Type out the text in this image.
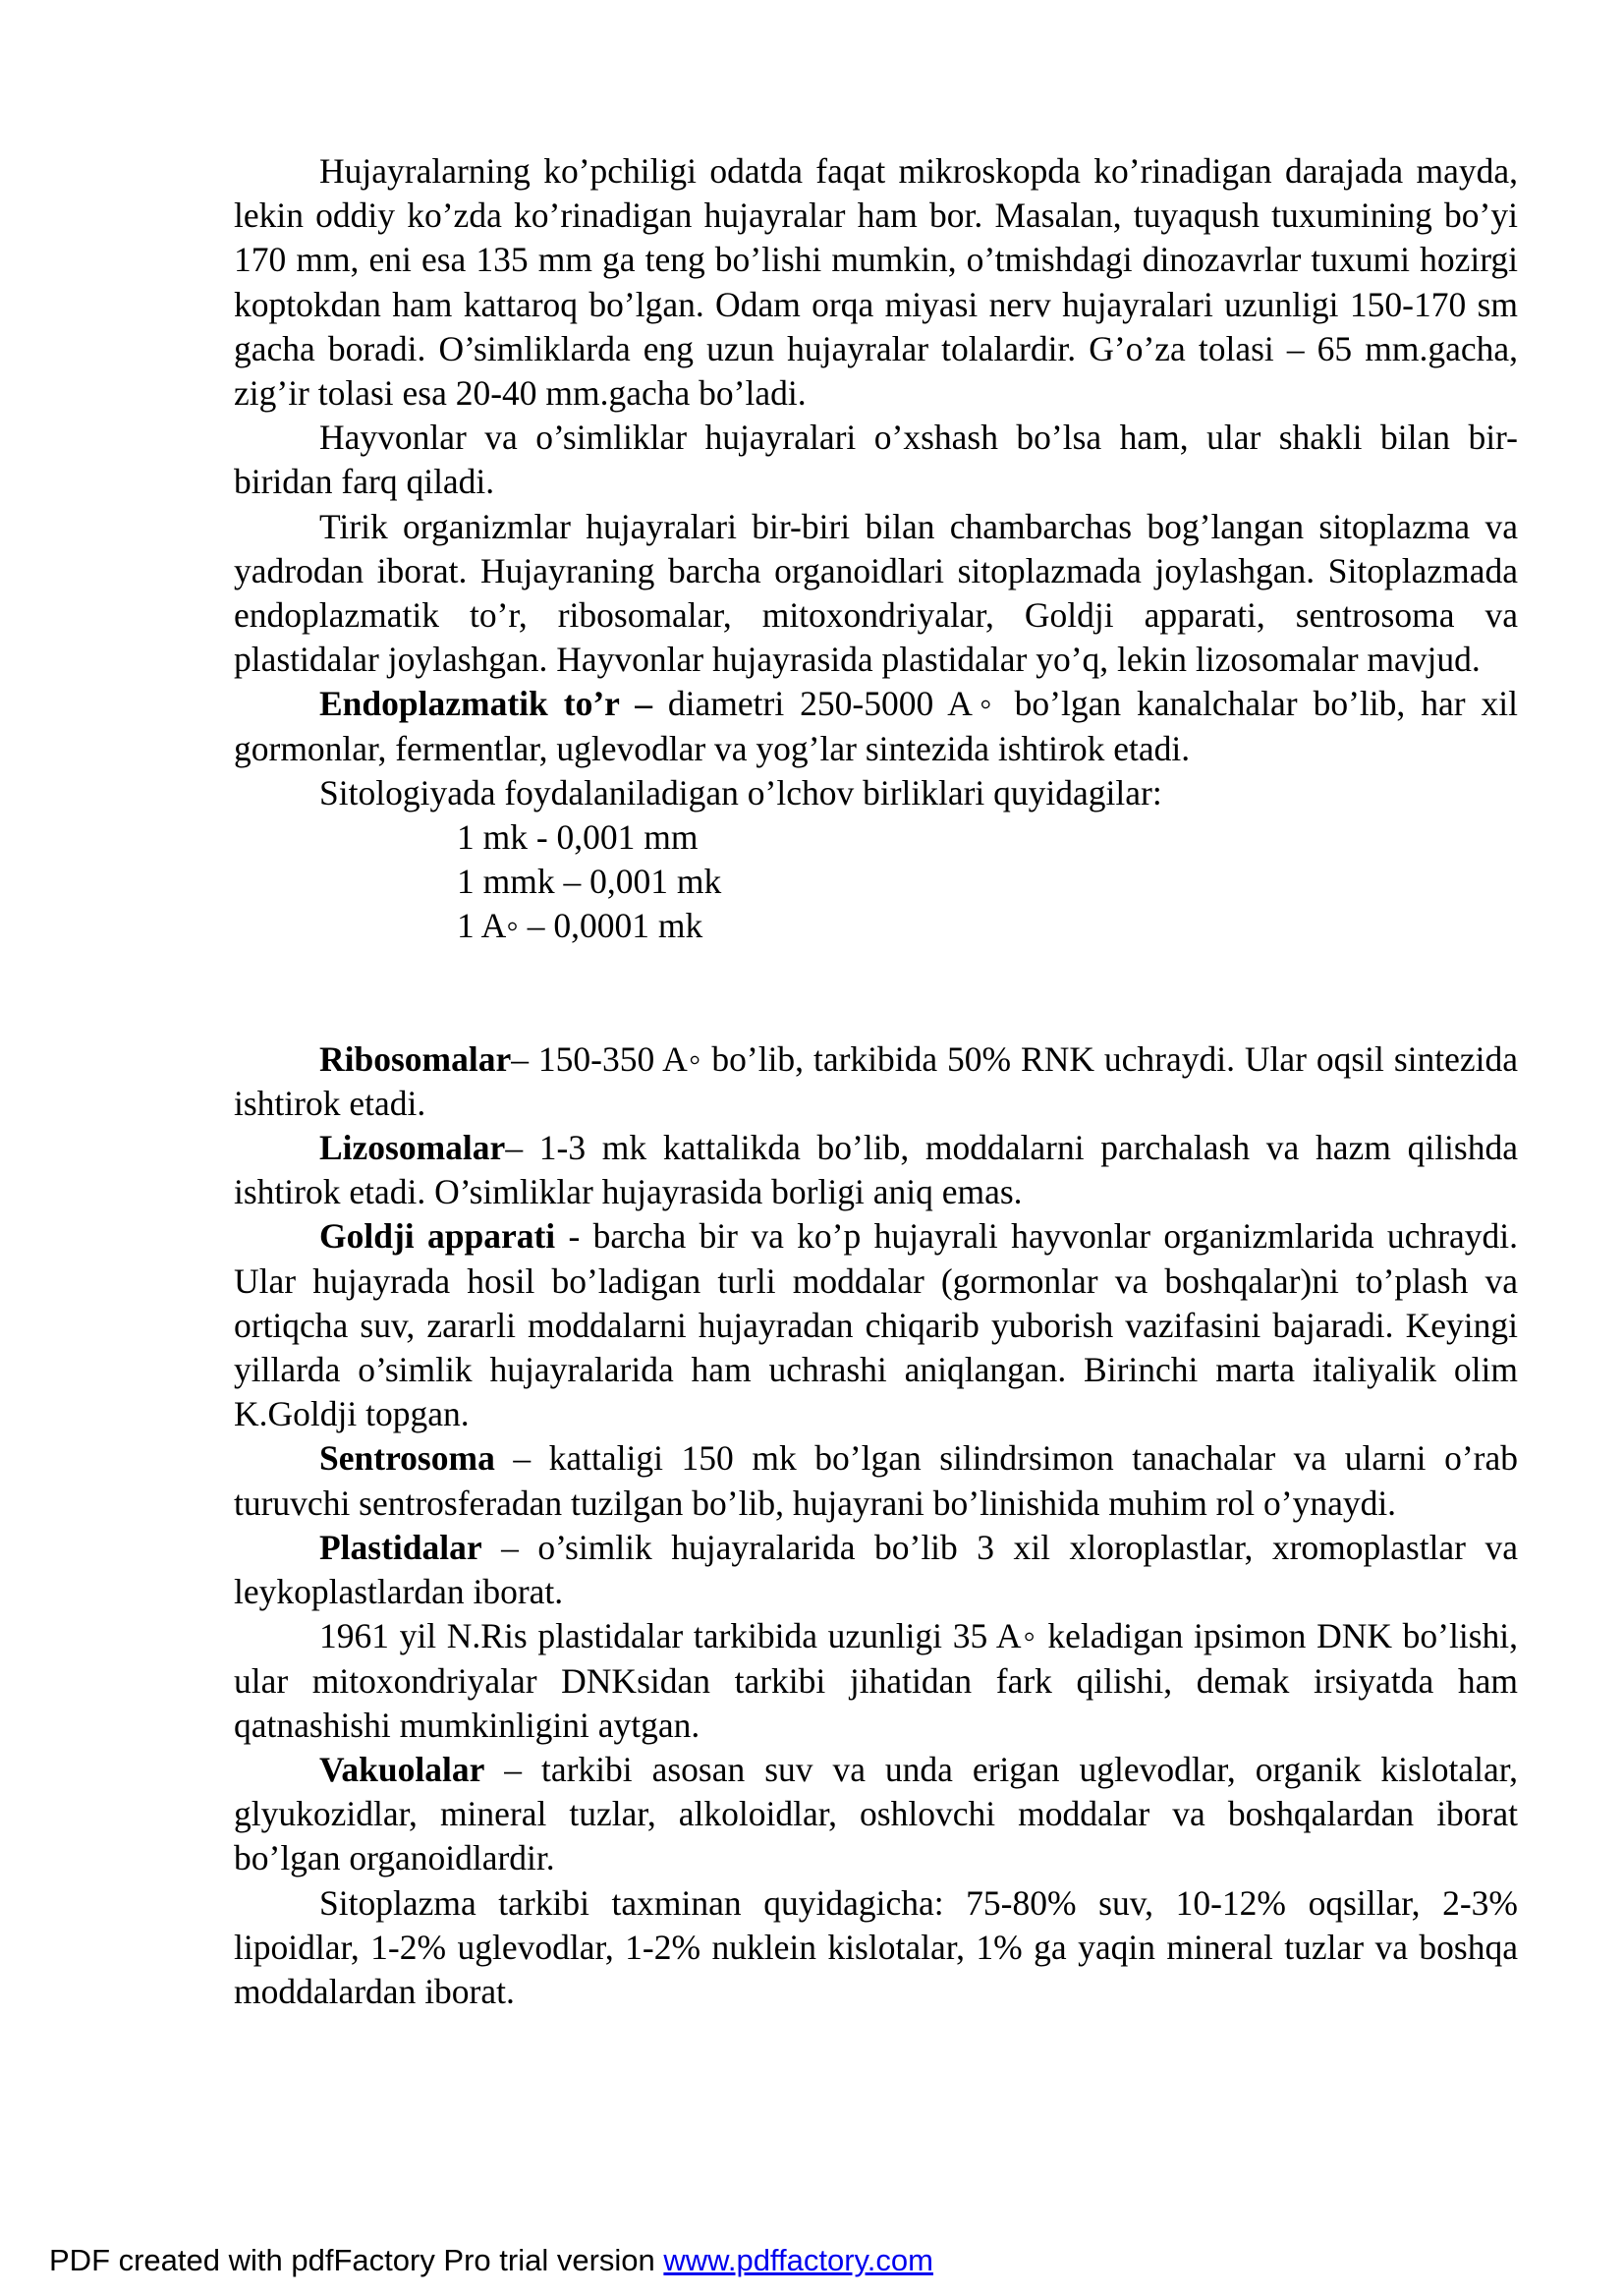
Hujayralarning ko’pchiligi odatda faqat mikroskopda ko’rinadigan darajada mayda, lekin oddiy ko’zda ko’rinadigan hujayralar ham bor. Masalan, tuyaqush tuxumining bo’yi 170 mm, eni esa 135 mm ga teng bo’lishi mumkin, o’tmishdagi dinozavrlar tuxumi hozirgi koptokdan ham kattaroq bo’lgan. Odam orqa miyasi nerv hujayralari uzunligi 150-170 sm gacha boradi. O’simliklarda eng uzun hujayralar tolalardir. G’o’za tolasi – 65 mm.gacha, zig’ir tolasi esa 20-40 mm.gacha bo’ladi.

Hayvonlar va o’simliklar hujayralari o’xshash bo’lsa ham, ular shakli bilan bir-biridan farq qiladi.

Tirik organizmlar hujayralari bir-biri bilan chambarchas bog’langan sitoplazma va yadrodan iborat. Hujayraning barcha organoidlari sitoplazmada joylashgan. Sitoplazmada endoplazmatik to’r, ribosomalar, mitoxondriyalar, Goldji apparati, sentrosoma va plastidalar joylashgan. Hayvonlar hujayrasida plastidalar yo’q, lekin lizosomalar mavjud.

Endoplazmatik to’r – diametri 250-5000 A◦ bo’lgan kanalchalar bo’lib, har xil gormonlar, fermentlar, uglevodlar va yog’lar sintezida ishtirok etadi.

Sitologiyada foydalaniladigan o’lchov birliklari quyidagilar:

1 mk - 0,001 mm

1 mmk – 0,001 mk

1 A◦ – 0,0001 mk

Ribosomalar– 150-350 A◦ bo’lib, tarkibida 50% RNK uchraydi. Ular oqsil sintezida ishtirok etadi.

Lizosomalar– 1-3 mk kattalikda bo’lib, moddalarni parchalash va hazm qilishda ishtirok etadi. O’simliklar hujayrasida borligi aniq emas.

Goldji apparati - barcha bir va ko’p hujayrali hayvonlar organizmlarida uchraydi. Ular hujayrada hosil bo’ladigan turli moddalar (gormonlar va boshqalar)ni to’plash va ortiqcha suv, zararli moddalarni hujayradan chiqarib yuborish vazifasini bajaradi. Keyingi yillarda o’simlik hujayralarida ham uchrashi aniqlangan. Birinchi marta italiyalik olim K.Goldji topgan.

Sentrosoma – kattaligi 150 mk bo’lgan silindrsimon tanachalar va ularni o’rab turuvchi sentrosferadan tuzilgan bo’lib, hujayrani bo’linishida muhim rol o’ynaydi.

Plastidalar – o’simlik hujayralarida bo’lib 3 xil xloroplastlar, xromoplastlar va leykoplastlardan iborat.

1961 yil N.Ris plastidalar tarkibida uzunligi 35 A◦ keladigan ipsimon DNK bo’lishi, ular mitoxondriyalar DNKsidan tarkibi jihatidan fark qilishi, demak irsiyatda ham qatnashishi mumkinligini aytgan.

Vakuolalar – tarkibi asosan suv va unda erigan uglevodlar, organik kislotalar, glyukozidlar, mineral tuzlar, alkoloidlar, oshlovchi moddalar va boshqalardan iborat bo’lgan organoidlardir.

Sitoplazma tarkibi taxminan quyidagicha: 75-80% suv, 10-12% oqsillar, 2-3% lipoidlar, 1-2% uglevodlar, 1-2% nuklein kislotalar, 1% ga yaqin mineral tuzlar va boshqa moddalardan iborat.

PDF created with pdfFactory Pro trial version www.pdffactory.com
